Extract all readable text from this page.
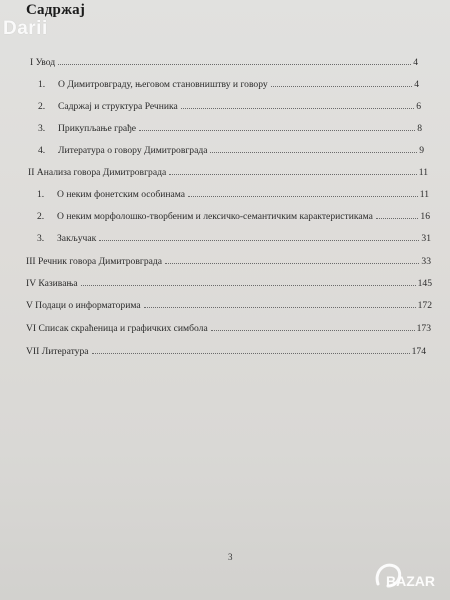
Садржај
I Увод	4
1. О Димитровграду, његовом становништву и говору	4
2. Садржај и структура Речника	6
3. Прикупљање грађе	8
4. Литература о говору Димитровграда	9
II Анализа говора Димитровграда	11
1. О неким фонетским особинама	11
2. О неким морфолошко-творбеним и лексичко-семантичким карактеристикама	16
3. Закључак	31
III Речник говора Димитровграда	33
IV Казивања	145
V Подаци о информаторима	172
VI Списак скраћеница и графичких симбола	173
VII Литература	174
3
Darii
BAZAR
